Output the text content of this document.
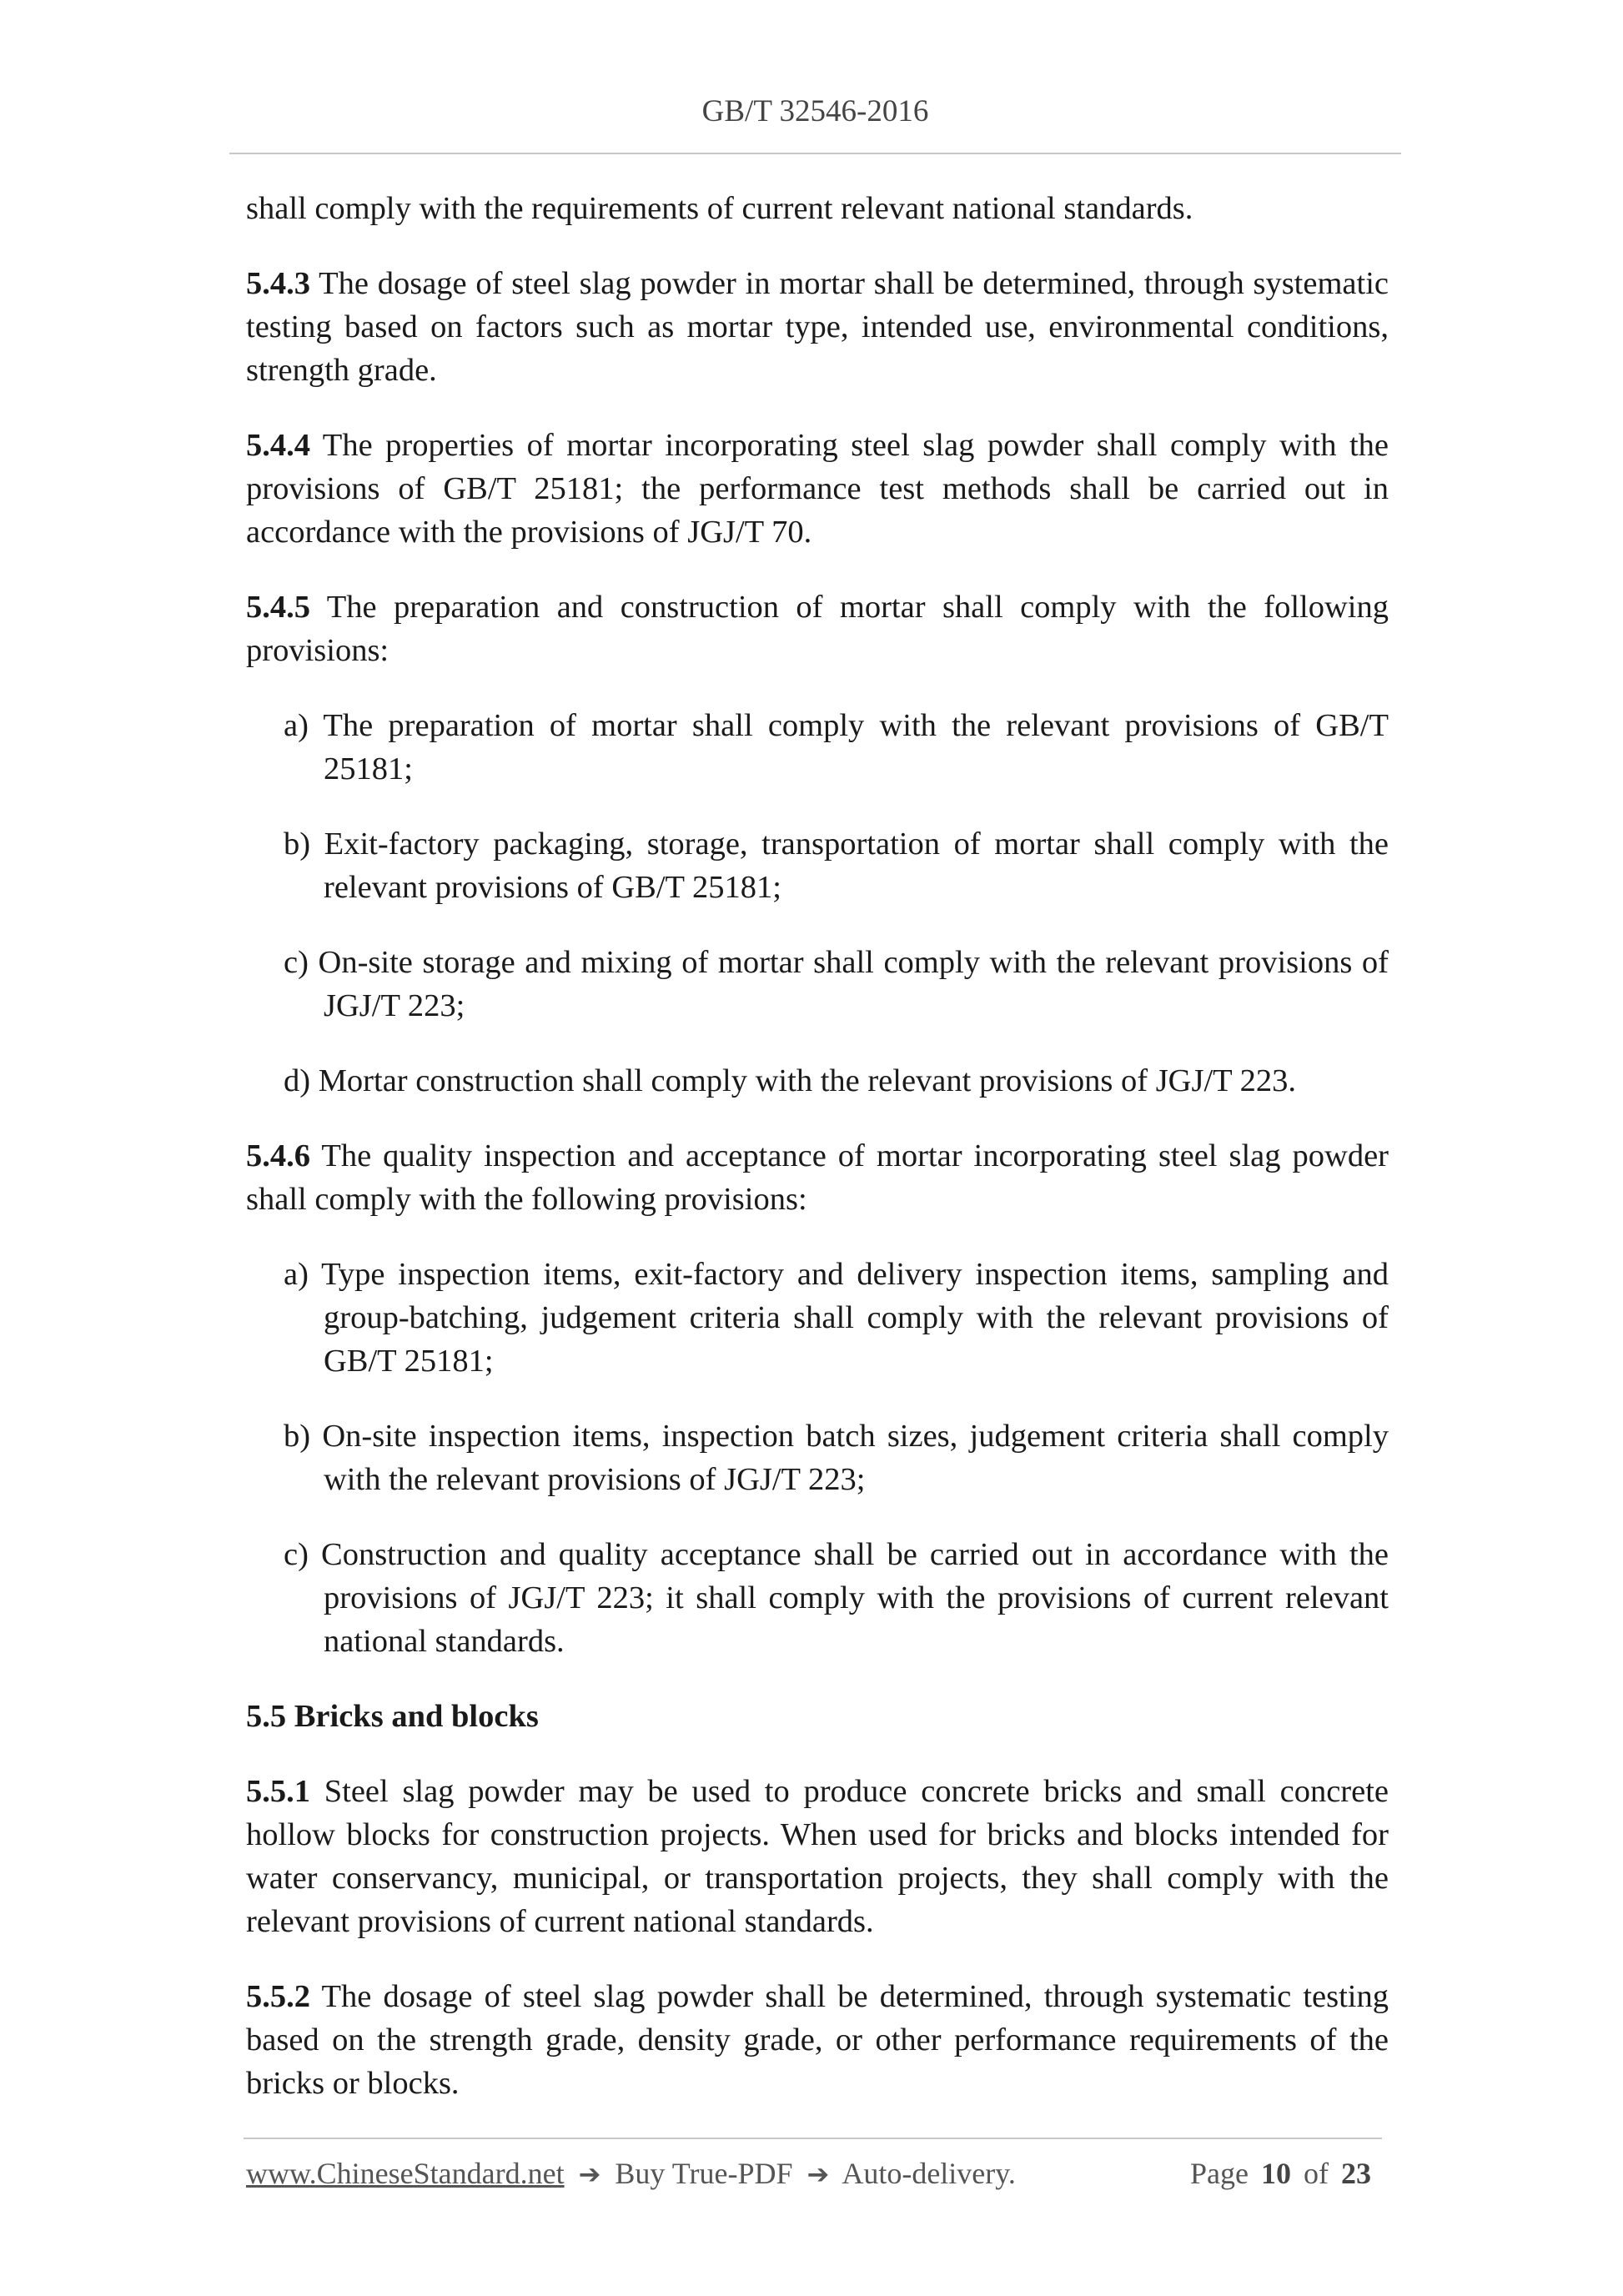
GB/T 32546-2016

shall comply with the requirements of current relevant national standards.

5.4.3 The dosage of steel slag powder in mortar shall be determined, through systematic testing based on factors such as mortar type, intended use, environmental conditions, strength grade.

5.4.4 The properties of mortar incorporating steel slag powder shall comply with the provisions of GB/T 25181; the performance test methods shall be carried out in accordance with the provisions of JGJ/T 70.

5.4.5 The preparation and construction of mortar shall comply with the following provisions:

a) The preparation of mortar shall comply with the relevant provisions of GB/T 25181;

b) Exit-factory packaging, storage, transportation of mortar shall comply with the relevant provisions of GB/T 25181;

c) On-site storage and mixing of mortar shall comply with the relevant provisions of JGJ/T 223;

d) Mortar construction shall comply with the relevant provisions of JGJ/T 223.

5.4.6 The quality inspection and acceptance of mortar incorporating steel slag powder shall comply with the following provisions:

a) Type inspection items, exit-factory and delivery inspection items, sampling and group-batching, judgement criteria shall comply with the relevant provisions of GB/T 25181;

b) On-site inspection items, inspection batch sizes, judgement criteria shall comply with the relevant provisions of JGJ/T 223;

c) Construction and quality acceptance shall be carried out in accordance with the provisions of JGJ/T 223; it shall comply with the provisions of current relevant national standards.

5.5 Bricks and blocks

5.5.1 Steel slag powder may be used to produce concrete bricks and small concrete hollow blocks for construction projects. When used for bricks and blocks intended for water conservancy, municipal, or transportation projects, they shall comply with the relevant provisions of current national standards.

5.5.2 The dosage of steel slag powder shall be determined, through systematic testing based on the strength grade, density grade, or other performance requirements of the bricks or blocks.

www.ChineseStandard.net ➔ Buy True-PDF ➔ Auto-delivery.	Page 10 of 23
